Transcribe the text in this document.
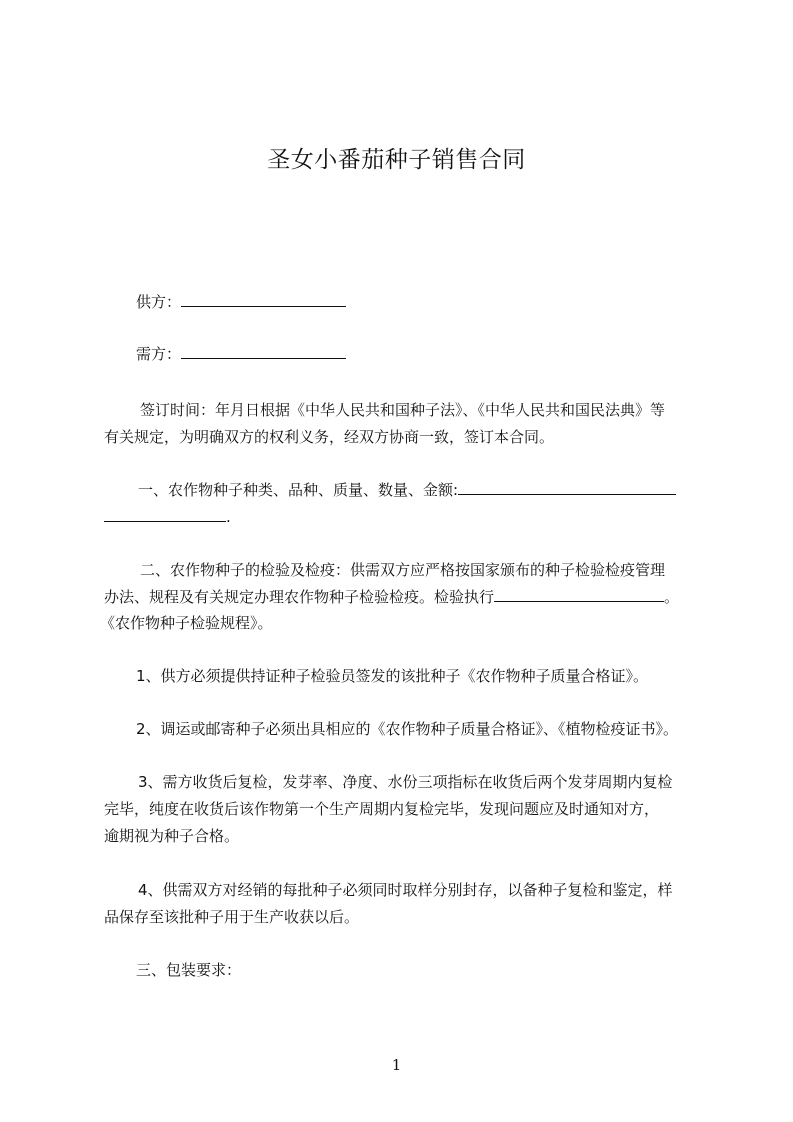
圣女小番茄种子销售合同
供方：
需方：
签订时间：年月日根据《中华人民共和国种子法》、《中华人民共和国民法典》等
有关规定，为明确双方的权利义务，经双方协商一致，签订本合同。
一、农作物种子种类、品种、质量、数量、金额:
.
二、农作物种子的检验及检疫：供需双方应严格按国家颁布的种子检验检疫管理
办法、规程及有关规定办理农作物种子检验检疫。检验执行	。
《农作物种子检验规程》。
1、供方必须提供持证种子检验员签发的该批种子《农作物种子质量合格证》。
2、调运或邮寄种子必须出具相应的《农作物种子质量合格证》、《植物检疫证书》。
3、需方收货后复检，发芽率、净度、水份三项指标在收货后两个发芽周期内复检
完毕，纯度在收货后该作物第一个生产周期内复检完毕，发现问题应及时通知对方，
逾期视为种子合格。
4、供需双方对经销的每批种子必须同时取样分别封存，以备种子复检和鉴定，样
品保存至该批种子用于生产收获以后。
三、包装要求：
1
